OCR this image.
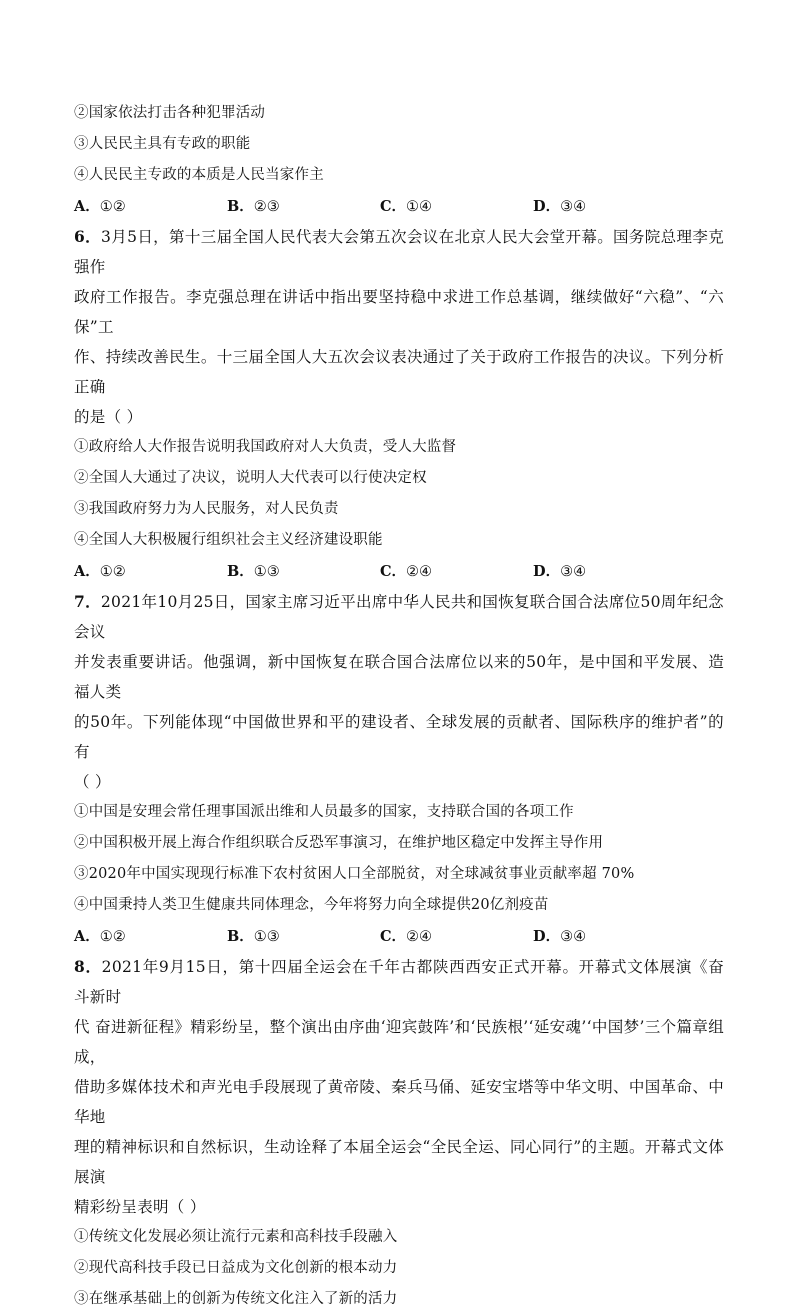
②国家依法打击各种犯罪活动
③人民民主具有专政的职能
④人民民主专政的本质是人民当家作主
A．①②	B．②③	C．①④	D．③④
6．3月5日，第十三届全国人民代表大会第五次会议在北京人民大会堂开幕。国务院总理李克强作
政府工作报告。李克强总理在讲话中指出要坚持稳中求进工作总基调，继续做好“六稳”、“六保”工
作、持续改善民生。十三届全国人大五次会议表决通过了关于政府工作报告的决议。下列分析正确
的是（ ）
①政府给人大作报告说明我国政府对人大负责，受人大监督
②全国人大通过了决议，说明人大代表可以行使决定权
③我国政府努力为人民服务，对人民负责
④全国人大积极履行组织社会主义经济建设职能
A．①②	B．①③	C．②④	D．③④
7．2021年10月25日，国家主席习近平出席中华人民共和国恢复联合国合法席位50周年纪念会议
并发表重要讲话。他强调，新中国恢复在联合国合法席位以来的50年，是中国和平发展、造福人类
的50年。下列能体现“中国做世界和平的建设者、全球发展的贡献者、国际秩序的维护者”的有
（ ）
①中国是安理会常任理事国派出维和人员最多的国家，支持联合国的各项工作
②中国积极开展上海合作组织联合反恐军事演习，在维护地区稳定中发挥主导作用
③2020年中国实现现行标准下农村贫困人口全部脱贫，对全球减贫事业贡献率超 70%
④中国秉持人类卫生健康共同体理念，今年将努力向全球提供20亿剂疫苗
A．①②	B．①③	C．②④	D．③④
8．2021年9月15日，第十四届全运会在千年古都陕西西安正式开幕。开幕式文体展演《奋斗新时
代 奋进新征程》精彩纷呈，整个演出由序曲‘迎宾鼓阵’和‘民族根’‘延安魂’‘中国梦’三个篇章组成，
借助多媒体技术和声光电手段展现了黄帝陵、秦兵马俑、延安宝塔等中华文明、中国革命、中华地
理的精神标识和自然标识，生动诠释了本届全运会“全民全运、同心同行”的主题。开幕式文体展演
精彩纷呈表明（ ）
①传统文化发展必须让流行元素和高科技手段融入
②现代高科技手段已日益成为文化创新的根本动力
③在继承基础上的创新为传统文化注入了新的活力
